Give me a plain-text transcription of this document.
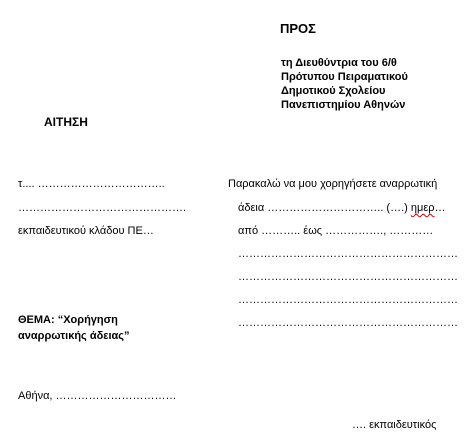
ΠΡΟΣ
τη Διευθύντρια του 6/θ
Πρότυπου Πειραματικού
Δημοτικού Σχολείου
Πανεπιστημίου Αθηνών
ΑΙΤΗΣΗ
τ.... ……………………………..
……………………………………….
εκπαιδευτικού κλάδου ΠΕ…
ΘΕΜΑ: “Χορήγηση
αναρρωτικής άδειας”
Αθήνα, ……………………………
Παρακαλώ να μου χορηγήσετε αναρρωτική
άδεια ………………………….. (….) ημερ…
από ……….. έως ……………., …………
……………………………………………………
……………………………………………………
……………………………………………………
……………………………………………………
…. εκπαιδευτικός
